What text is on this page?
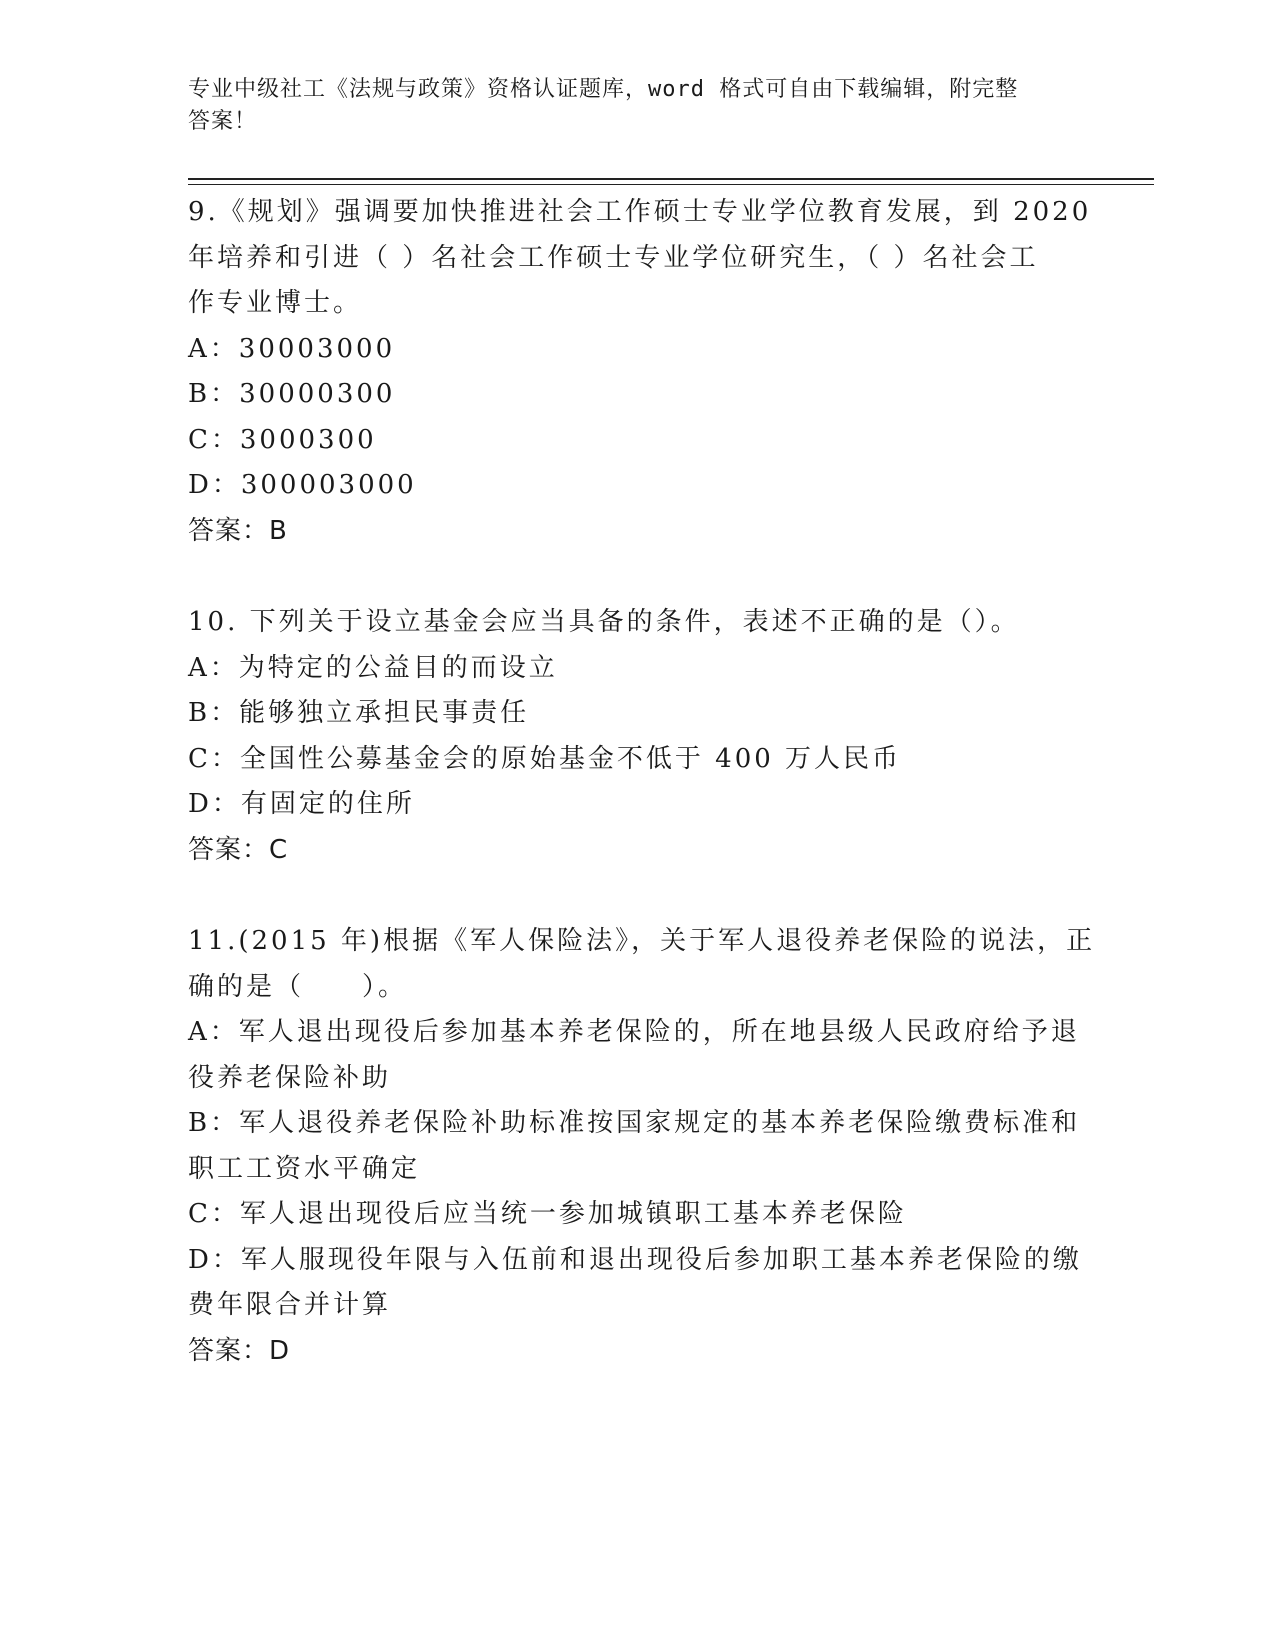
专业中级社工《法规与政策》资格认证题库，word 格式可自由下载编辑，附完整
答案！

9.《规划》强调要加快推进社会工作硕士专业学位教育发展，到 2020

年培养和引进（ ）名社会工作硕士专业学位研究生，（ ）名社会工

作专业博士。

A：30003000

B：30000300

C：3000300

D：300003000

答案：B

10. 下列关于设立基金会应当具备的条件，表述不正确的是（）。

A：为特定的公益目的而设立

B：能够独立承担民事责任

C：全国性公募基金会的原始基金不低于 400 万人民币

D：有固定的住所

答案：C

11.(2015 年)根据《军人保险法》，关于军人退役养老保险的说法，正

确的是（　　）。

A：军人退出现役后参加基本养老保险的，所在地县级人民政府给予退

役养老保险补助

B：军人退役养老保险补助标准按国家规定的基本养老保险缴费标准和

职工工资水平确定

C：军人退出现役后应当统一参加城镇职工基本养老保险

D：军人服现役年限与入伍前和退出现役后参加职工基本养老保险的缴

费年限合并计算

答案：D
